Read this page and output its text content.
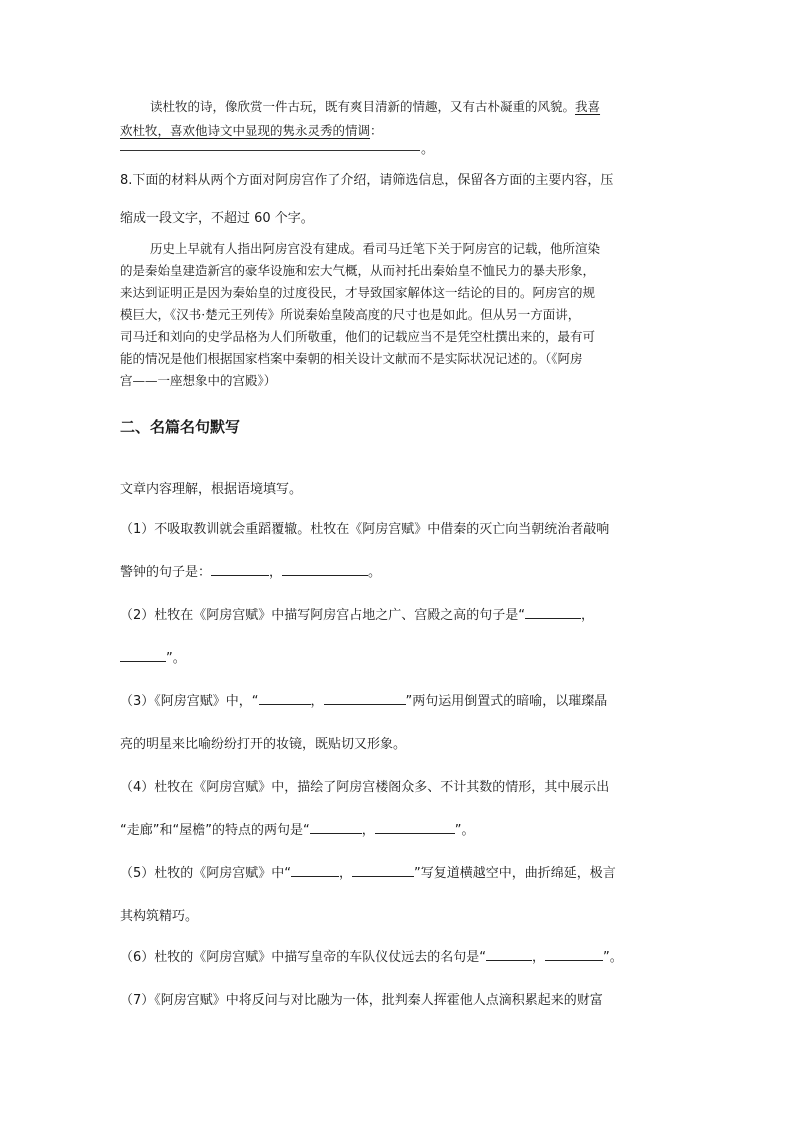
读杜牧的诗，像欣赏一件古玩，既有爽目清新的情趣，又有古朴凝重的风貌。我喜

欢杜牧，喜欢他诗文中显现的隽永灵秀的情调：

。

8.下面的材料从两个方面对阿房宫作了介绍，请筛选信息，保留各方面的主要内容，压

缩成一段文字，不超过 60 个字。

历史上早就有人指出阿房宫没有建成。看司马迁笔下关于阿房宫的记载，他所渲染

的是秦始皇建造新宫的豪华设施和宏大气概，从而衬托出秦始皇不恤民力的暴夫形象，

来达到证明正是因为秦始皇的过度役民，才导致国家解体这一结论的目的。阿房宫的规

模巨大，《汉书·楚元王列传》所说秦始皇陵高度的尺寸也是如此。但从另一方面讲，

司马迁和刘向的史学品格为人们所敬重，他们的记载应当不是凭空杜撰出来的，最有可

能的情况是他们根据国家档案中秦朝的相关设计文献而不是实际状况记述的。（《阿房

宫——一座想象中的宫殿》）

二、名篇名句默写

文章内容理解，根据语境填写。

（1）不吸取教训就会重蹈覆辙。杜牧在《阿房宫赋》中借秦的灭亡向当朝统治者敲响

警钟的句子是：	，	。

（2）杜牧在《阿房宫赋》中描写阿房宫占地之广、宫殿之高的句子是“	，

”。

（3）《阿房宫赋》中，“	，	”两句运用倒置式的暗喻，以璀璨晶

亮的明星来比喻纷纷打开的妆镜，既贴切又形象。

（4）杜牧在《阿房宫赋》中，描绘了阿房宫楼阁众多、不计其数的情形，其中展示出

“走廊”和“屋檐”的特点的两句是“	，	”。

（5）杜牧的《阿房宫赋》中“	，	”写复道横越空中，曲折绵延，极言

其构筑精巧。

（6）杜牧的《阿房宫赋》中描写皇帝的车队仪仗远去的名句是“	，	”。

（7）《阿房宫赋》中将反问与对比融为一体，批判秦人挥霍他人点滴积累起来的财富
